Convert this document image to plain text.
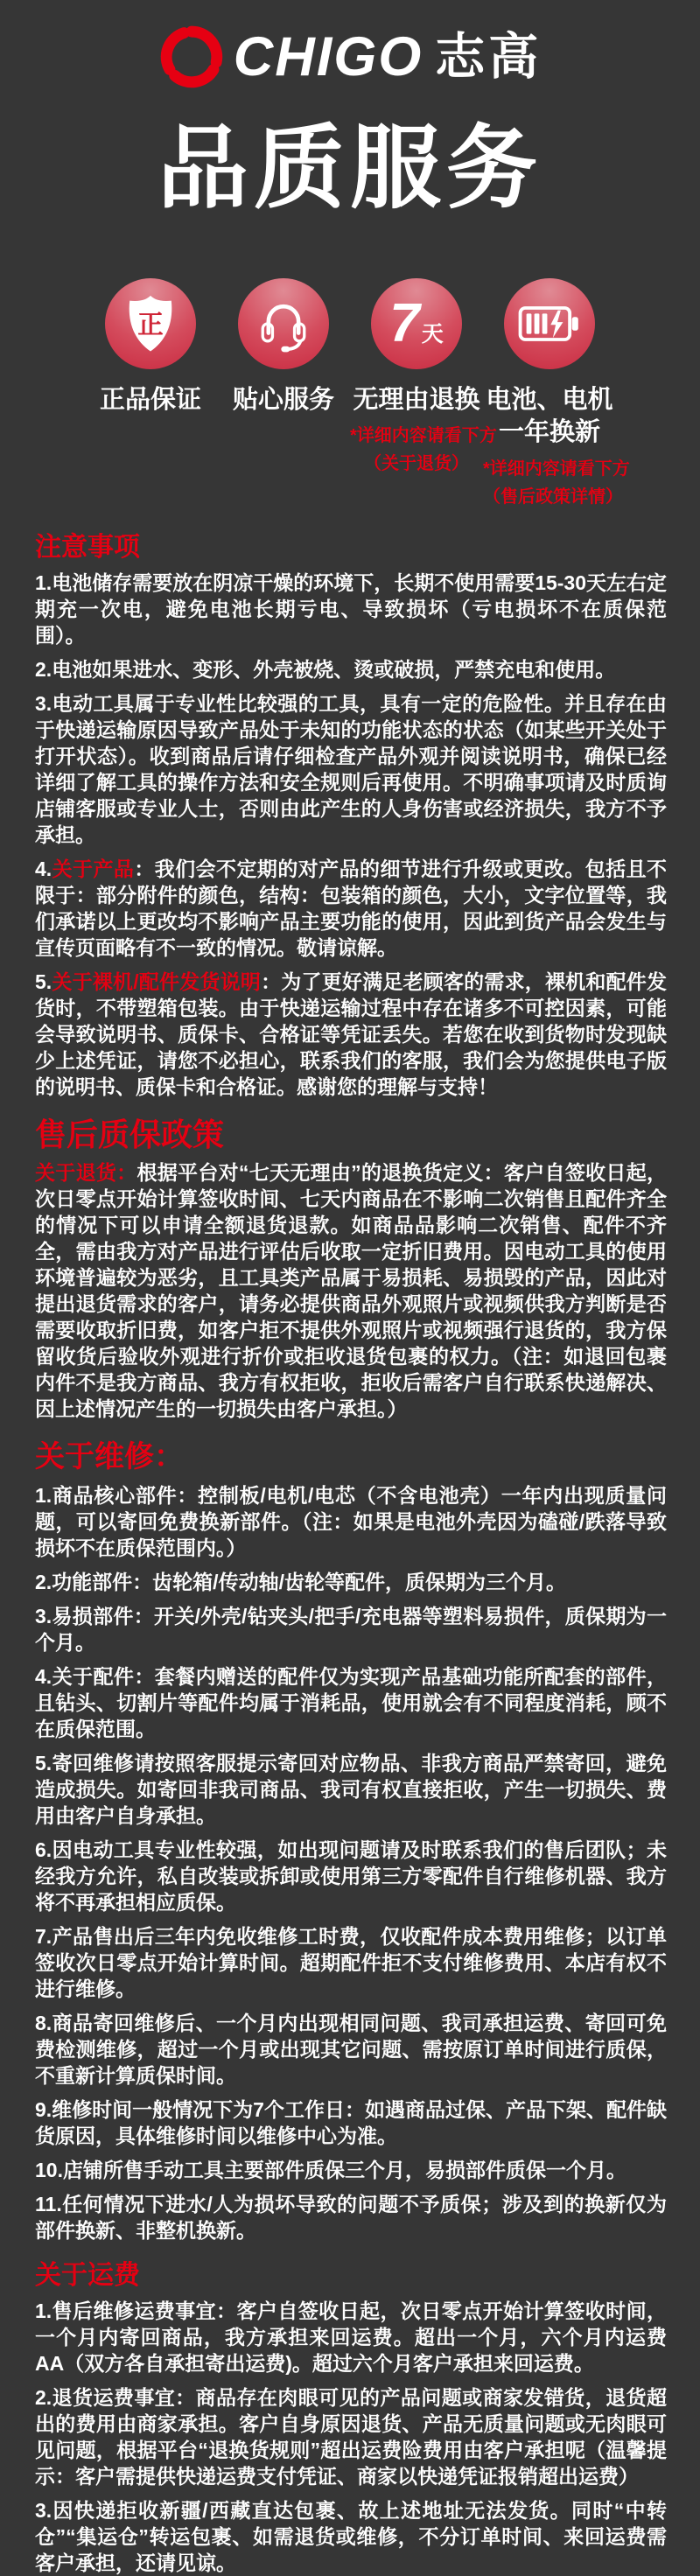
CHIGO 志高
品质服务
正
正品保证	贴心服务
7 天
无理由退换
*详细内容请看下方
（关于退货）
电池、电机
一年换新
*详细内容请看下方
（售后政策详情）
注意事项

1.电池储存需要放在阴凉干燥的环境下，长期不使用需要15-30天左右定期充一次电，避免电池长期亏电、导致损坏（亏电损坏不在质保范围）。

2.电池如果进水、变形、外壳被烧、烫或破损，严禁充电和使用。

3.电动工具属于专业性比较强的工具，具有一定的危险性。并且存在由于快递运输原因导致产品处于未知的功能状态的状态（如某些开关处于打开状态）。收到商品后请仔细检查产品外观并阅读说明书，确保已经详细了解工具的操作方法和安全规则后再使用。不明确事项请及时质询店铺客服或专业人士，否则由此产生的人身伤害或经济损失，我方不予承担。

4.关于产品：我们会不定期的对产品的细节进行升级或更改。包括且不限于：部分附件的颜色，结构：包装箱的颜色，大小，文字位置等，我们承诺以上更改均不影响产品主要功能的使用，因此到货产品会发生与宣传页面略有不一致的情况。敬请谅解。

5.关于裸机/配件发货说明：为了更好满足老顾客的需求，裸机和配件发货时，不带塑箱包装。由于快递运输过程中存在诸多不可控因素，可能会导致说明书、质保卡、合格证等凭证丢失。若您在收到货物时发现缺少上述凭证，请您不必担心，联系我们的客服，我们会为您提供电子版的说明书、质保卡和合格证。感谢您的理解与支持！

售后质保政策

关于退货：根据平台对“七天无理由”的退换货定义：客户自签收日起，次日零点开始计算签收时间、七天内商品在不影响二次销售且配件齐全的情况下可以申请全额退货退款。如商品品影响二次销售、配件不齐全，需由我方对产品进行评估后收取一定折旧费用。因电动工具的使用环境普遍较为恶劣，且工具类产品属于易损耗、易损毁的产品，因此对提出退货需求的客户，请务必提供商品外观照片或视频供我方判断是否需要收取折旧费，如客户拒不提供外观照片或视频强行退货的，我方保留收货后验收外观进行折价或拒收退货包裹的权力。（注：如退回包裹内件不是我方商品、我方有权拒收，拒收后需客户自行联系快递解决、因上述情况产生的一切损失由客户承担。）

关于维修：

1.商品核心部件：控制板/电机/电芯（不含电池壳）一年内出现质量问题，可以寄回免费换新部件。（注：如果是电池外壳因为磕碰/跌落导致损坏不在质保范围内。）

2.功能部件：齿轮箱/传动轴/齿轮等配件，质保期为三个月。

3.易损部件：开关/外壳/钻夹头/把手/充电器等塑料易损件，质保期为一个月。

4.关于配件：套餐内赠送的配件仅为实现产品基础功能所配套的部件，且钻头、切割片等配件均属于消耗品，使用就会有不同程度消耗，顾不在质保范围。

5.寄回维修请按照客服提示寄回对应物品、非我方商品严禁寄回，避免造成损失。如寄回非我司商品、我司有权直接拒收，产生一切损失、费用由客户自身承担。

6.因电动工具专业性较强，如出现问题请及时联系我们的售后团队；未经我方允许，私自改装或拆卸或使用第三方零配件自行维修机器、我方将不再承担相应质保。

7.产品售出后三年内免收维修工时费，仅收配件成本费用维修；以订单签收次日零点开始计算时间。超期配件拒不支付维修费用、本店有权不进行维修。

8.商品寄回维修后、一个月内出现相同问题、我司承担运费、寄回可免费检测维修，超过一个月或出现其它问题、需按原订单时间进行质保，不重新计算质保时间。

9.维修时间一般情况下为7个工作日：如遇商品过保、产品下架、配件缺货原因，具体维修时间以维修中心为准。

10.店铺所售手动工具主要部件质保三个月，易损部件质保一个月。

11.任何情况下进水/人为损坏导致的问题不予质保；涉及到的换新仅为部件换新、非整机换新。

关于运费

1.售后维修运费事宜：客户自签收日起，次日零点开始计算签收时间，一个月内寄回商品，我方承担来回运费。超出一个月，六个月内运费AA（双方各自承担寄出运费)。超过六个月客户承担来回运费。

2.退货运费事宜：商品存在肉眼可见的产品问题或商家发错货，退货超出的费用由商家承担。客户自身原因退货、产品无质量问题或无肉眼可见问题，根据平台“退换货规则”超出运费险费用由客户承担呢（温馨提示：客户需提供快递运费支付凭证、商家以快递凭证报销超出运费）

3.因快递拒收新疆/西藏直达包裹、故上述地址无法发货。同时“中转仓”“集运仓”转运包裹、如需退货或维修，不分订单时间、来回运费需客户承担，还请见谅。
